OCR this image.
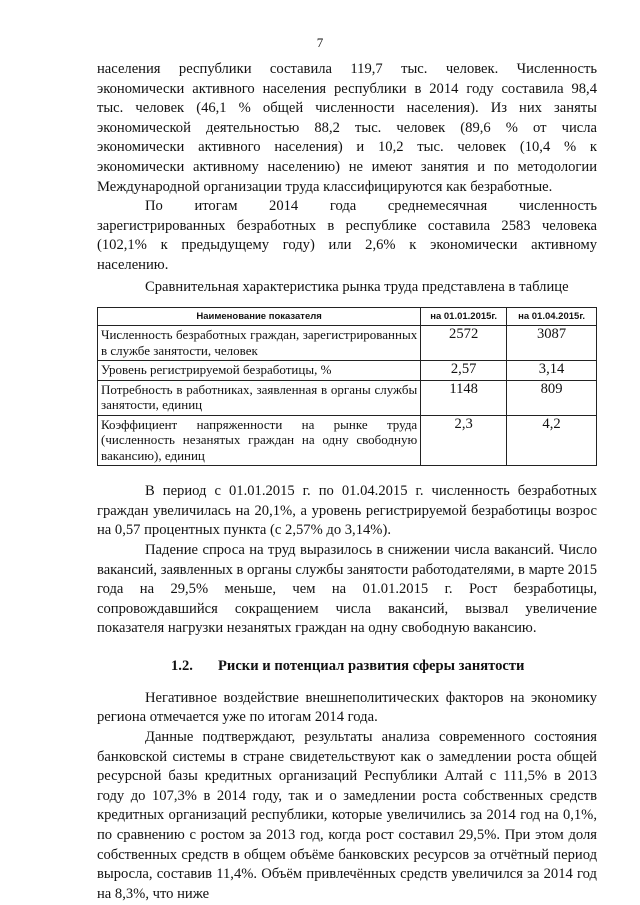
7

населения республики составила 119,7 тыс. человек. Численность
экономически активного населения республики в 2014 году составила 98,4
тыс. человек (46,1 % общей численности населения). Из них заняты
экономической деятельностью 88,2 тыс. человек (89,6 % от числа
экономически активного населения) и 10,2 тыс. человек (10,4 % к
экономически активному населению) не имеют занятия и по методологии
Международной организации труда классифицируются как безработные.

По итогам 2014 года среднемесячная численность
зарегистрированных безработных в республике составила 2583 человека
(102,1% к предыдущему году) или 2,6% к экономически активному
населению.

Сравнительная характеристика рынка труда представлена в таблице

Наименование показателя	на 01.01.2015г.	на 01.04.2015г.
Численность безработных граждан, зарегистрированных в службе занятости, человек	2572	3087
Уровень регистрируемой безработицы, %	2,57	3,14
Потребность в работниках, заявленная в органы службы занятости, единиц	1148	809
Коэффициент напряженности на рынке труда (численность незанятых граждан на одну свободную вакансию), единиц	2,3	4,2

В период с 01.01.2015 г. по 01.04.2015 г. численность безработных граждан увеличилась на 20,1%, а уровень регистрируемой безработицы возрос на 0,57 процентных пункта (с 2,57% до 3,14%).

Падение спроса на труд выразилось в снижении числа вакансий. Число вакансий, заявленных в органы службы занятости работодателями, в марте 2015 года на 29,5% меньше, чем на 01.01.2015 г. Рост безработицы, сопровождавшийся сокращением числа вакансий, вызвал увеличение показателя нагрузки незанятых граждан на одну свободную вакансию.

1.2. Риски и потенциал развития сферы занятости

Негативное воздействие внешнеполитических факторов на экономику региона отмечается уже по итогам 2014 года.

Данные подтверждают, результаты анализа современного состояния банковской системы в стране свидетельствуют как о замедлении роста общей ресурсной базы кредитных организаций Республики Алтай с 111,5% в 2013 году до 107,3% в 2014 году, так и о замедлении роста собственных средств кредитных организаций республики, которые увеличились за 2014 год на 0,1%, по сравнению с ростом за 2013 год, когда рост составил 29,5%. При этом доля собственных средств в общем объёме банковских ресурсов за отчётный период выросла, составив 11,4%. Объём привлечённых средств увеличился за 2014 год на 8,3%, что ниже
